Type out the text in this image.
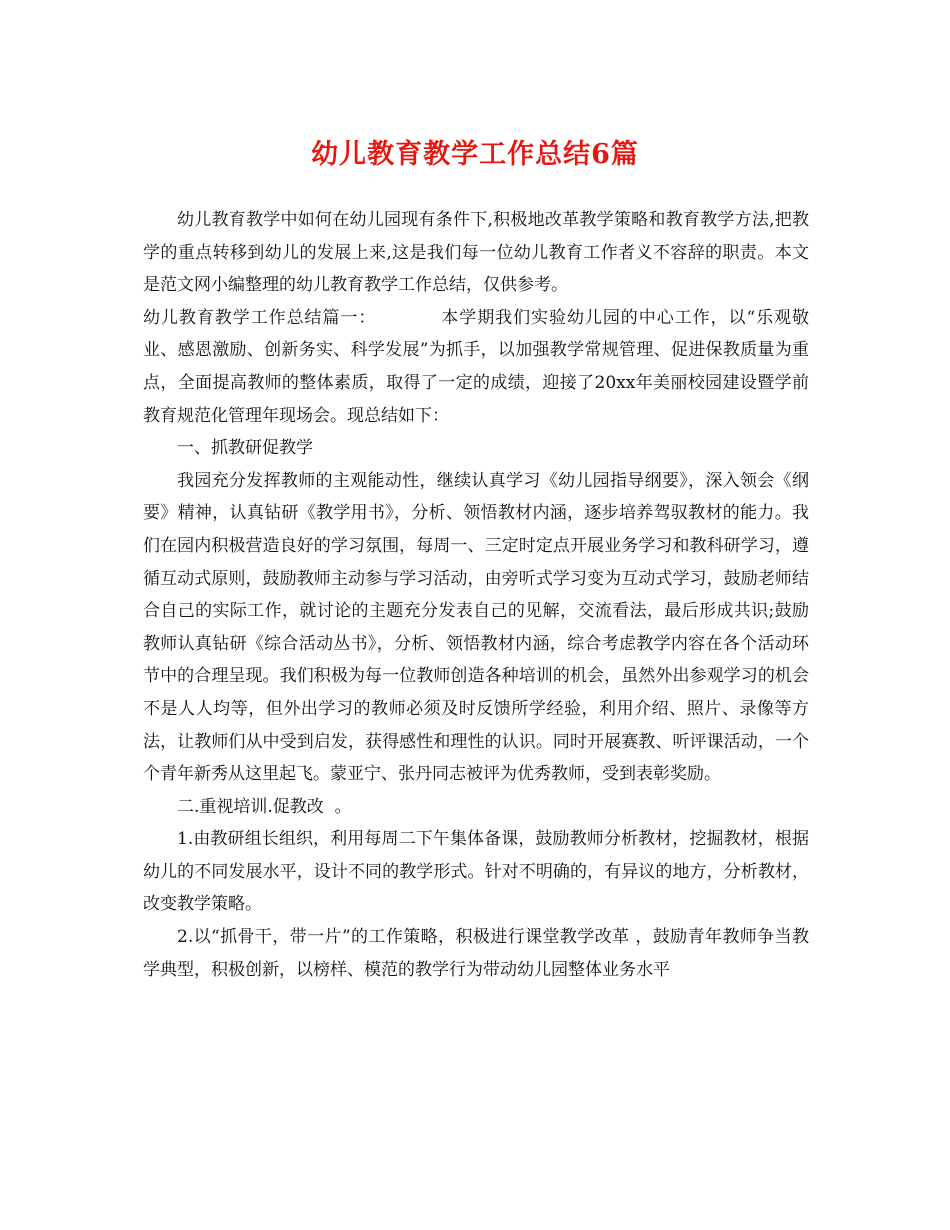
幼儿教育教学工作总结6篇

幼儿教育教学中如何在幼儿园现有条件下,积极地改革教学策略和教育教学方法,把教学的重点转移到幼儿的发展上来,这是我们每一位幼儿教育工作者义不容辞的职责。本文是范文网小编整理的幼儿教育教学工作总结，仅供参考。

幼儿教育教学工作总结篇一：	本学期我们实验幼儿园的中心工作，以“乐观敬业、感恩激励、创新务实、科学发展”为抓手，以加强教学常规管理、促进保教质量为重点，全面提高教师的整体素质，取得了一定的成绩，迎接了20xx年美丽校园建设暨学前教育规范化管理年现场会。现总结如下：

一、抓教研促教学

我园充分发挥教师的主观能动性，继续认真学习《幼儿园指导纲要》，深入领会《纲要》精神，认真钻研《教学用书》，分析、领悟教材内涵，逐步培养驾驭教材的能力。我们在园内积极营造良好的学习氛围，每周一、三定时定点开展业务学习和教科研学习，遵循互动式原则，鼓励教师主动参与学习活动，由旁听式学习变为互动式学习，鼓励老师结合自己的实际工作，就讨论的主题充分发表自己的见解，交流看法，最后形成共识;鼓励教师认真钻研《综合活动丛书》，分析、领悟教材内涵，综合考虑教学内容在各个活动环节中的合理呈现。我们积极为每一位教师创造各种培训的机会，虽然外出参观学习的机会不是人人均等，但外出学习的教师必须及时反馈所学经验，利用介绍、照片、录像等方法，让教师们从中受到启发，获得感性和理性的认识。同时开展赛教、听评课活动，一个个青年新秀从这里起飞。蒙亚宁、张丹同志被评为优秀教师，受到表彰奖励。

二.重视培训.促教改  。

1.由教研组长组织，利用每周二下午集体备课，鼓励教师分析教材，挖掘教材，根据幼儿的不同发展水平，设计不同的教学形式。针对不明确的，有异议的地方，分析教材，改变教学策略。

2.以“抓骨干，带一片”的工作策略，积极进行课堂教学改革 ，鼓励青年教师争当教学典型，积极创新，以榜样、模范的教学行为带动幼儿园整体业务水平
